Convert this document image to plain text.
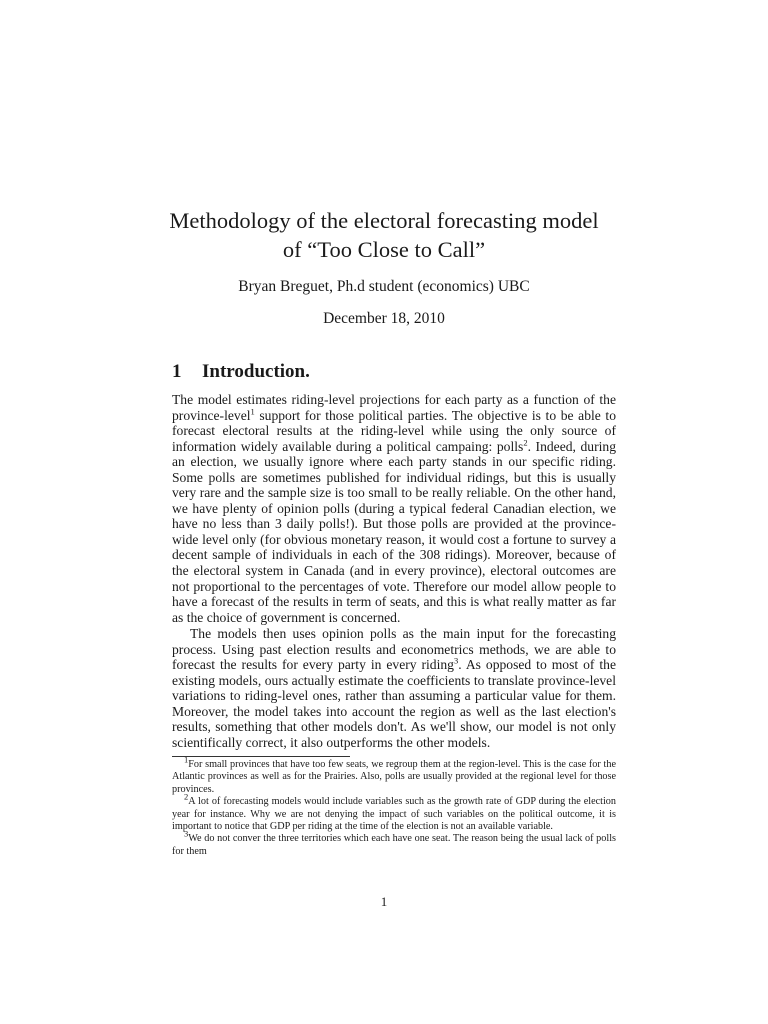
Methodology of the electoral forecasting model
of “Too Close to Call”
Bryan Breguet, Ph.d student (economics) UBC
December 18, 2010
1 Introduction.

The model estimates riding-level projections for each party as a function of the province-level$^1$ support for those political parties. The objective is to be able to forecast electoral results at the riding-level while using the only source of information widely available during a political campaing: polls$^2$. Indeed, during an election, we usually ignore where each party stands in our specific riding. Some polls are sometimes published for individual ridings, but this is usually very rare and the sample size is too small to be really reliable. On the other hand, we have plenty of opinion polls (during a typical federal Canadian election, we have no less than 3 daily polls!). But those polls are provided at the province-wide level only (for obvious monetary reason, it would cost a fortune to survey a decent sample of individuals in each of the 308 ridings). Moreover, because of the electoral system in Canada (and in every province), electoral outcomes are not proportional to the percentages of vote. Therefore our model allow people to have a forecast of the results in term of seats, and this is what really matter as far as the choice of government is concerned.

The models then uses opinion polls as the main input for the forecasting process. Using past election results and econometrics methods, we are able to forecast the results for every party in every riding$^3$. As opposed to most of the existing models, ours actually estimate the coefficients to translate province-level variations to riding-level ones, rather than assuming a particular value for them. Moreover, the model takes into account the region as well as the last election's results, something that other models don't. As we'll show, our model is not only scientifically correct, it also outperforms the other models.

$^1$For small provinces that have too few seats, we regroup them at the region-level. This is the case for the Atlantic provinces as well as for the Prairies. Also, polls are usually provided at the regional level for those provinces.

$^2$A lot of forecasting models would include variables such as the growth rate of GDP during the election year for instance. Why we are not denying the impact of such variables on the political outcome, it is important to notice that GDP per riding at the time of the election is not an available variable.

$^3$We do not conver the three territories which each have one seat. The reason being the usual lack of polls for them

1
